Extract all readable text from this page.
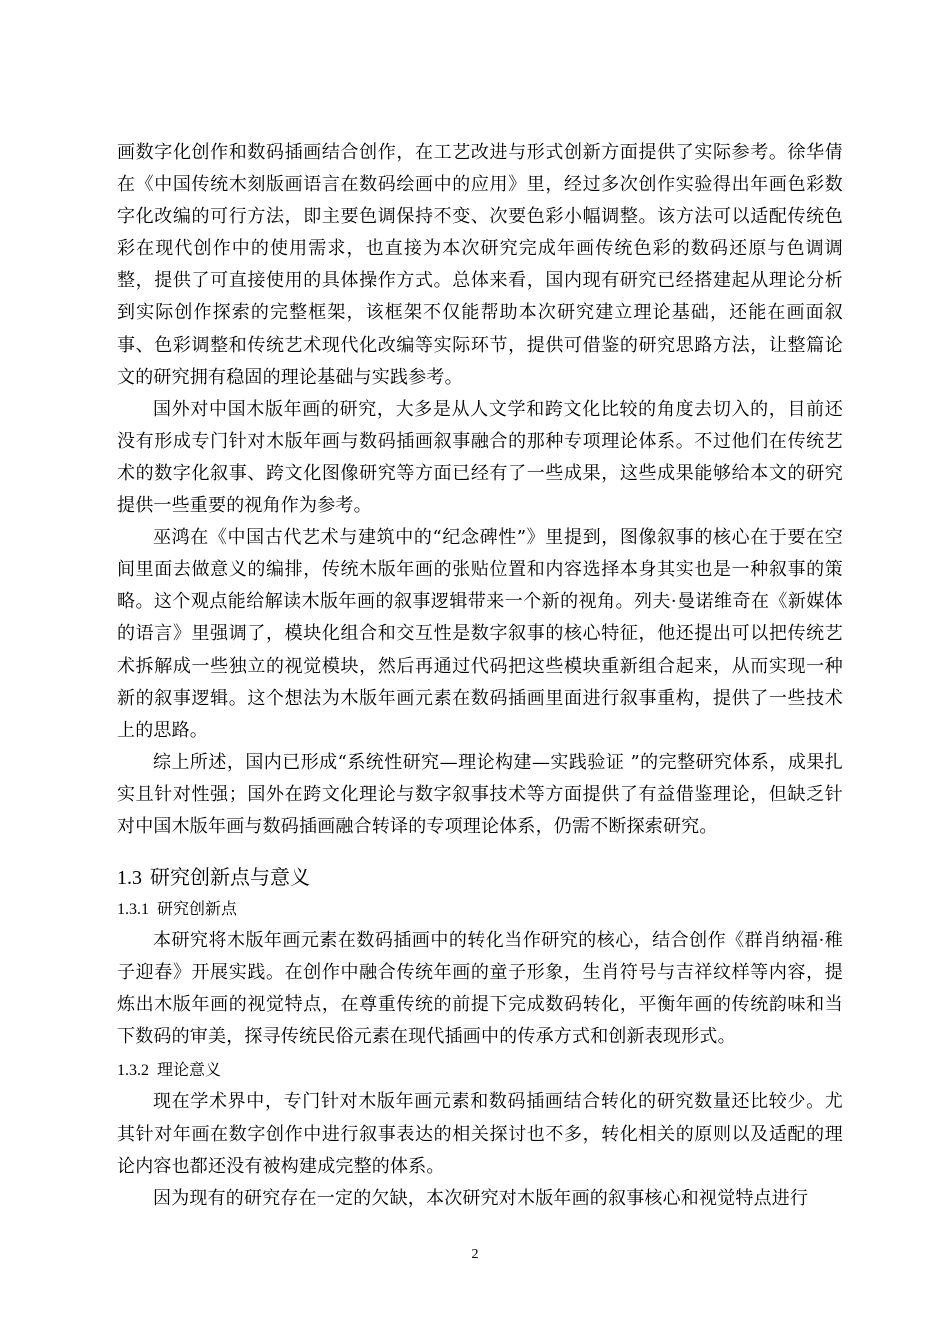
画数字化创作和数码插画结合创作，在工艺改进与形式创新方面提供了实际参考。徐华倩在《中国传统木刻版画语言在数码绘画中的应用》里，经过多次创作实验得出年画色彩数字化改编的可行方法，即主要色调保持不变、次要色彩小幅调整。该方法可以适配传统色彩在现代创作中的使用需求，也直接为本次研究完成年画传统色彩的数码还原与色调调整，提供了可直接使用的具体操作方式。总体来看，国内现有研究已经搭建起从理论分析到实际创作探索的完整框架，该框架不仅能帮助本次研究建立理论基础，还能在画面叙事、色彩调整和传统艺术现代化改编等实际环节，提供可借鉴的研究思路方法，让整篇论文的研究拥有稳固的理论基础与实践参考。

国外对中国木版年画的研究，大多是从人文学和跨文化比较的角度去切入的，目前还没有形成专门针对木版年画与数码插画叙事融合的那种专项理论体系。不过他们在传统艺术的数字化叙事、跨文化图像研究等方面已经有了一些成果，这些成果能够给本文的研究提供一些重要的视角作为参考。

巫鸿在《中国古代艺术与建筑中的“纪念碑性”》里提到，图像叙事的核心在于要在空间里面去做意义的编排，传统木版年画的张贴位置和内容选择本身其实也是一种叙事的策略。这个观点能给解读木版年画的叙事逻辑带来一个新的视角。列夫·曼诺维奇在《新媒体的语言》里强调了，模块化组合和交互性是数字叙事的核心特征，他还提出可以把传统艺术拆解成一些独立的视觉模块，然后再通过代码把这些模块重新组合起来，从而实现一种新的叙事逻辑。这个想法为木版年画元素在数码插画里面进行叙事重构，提供了一些技术上的思路。

综上所述，国内已形成“系统性研究—理论构建—实践验证 ”的完整研究体系，成果扎实且针对性强；国外在跨文化理论与数字叙事技术等方面提供了有益借鉴理论，但缺乏针对中国木版年画与数码插画融合转译的专项理论体系，仍需不断探索研究。

1.3 研究创新点与意义
1.3.1 研究创新点

本研究将木版年画元素在数码插画中的转化当作研究的核心，结合创作《群肖纳福·稚子迎春》开展实践。在创作中融合传统年画的童子形象，生肖符号与吉祥纹样等内容，提炼出木版年画的视觉特点，在尊重传统的前提下完成数码转化，平衡年画的传统韵味和当下数码的审美，探寻传统民俗元素在现代插画中的传承方式和创新表现形式。

1.3.2 理论意义

现在学术界中，专门针对木版年画元素和数码插画结合转化的研究数量还比较少。尤其针对年画在数字创作中进行叙事表达的相关探讨也不多，转化相关的原则以及适配的理论内容也都还没有被构建成完整的体系。

因为现有的研究存在一定的欠缺，本次研究对木版年画的叙事核心和视觉特点进行

2
